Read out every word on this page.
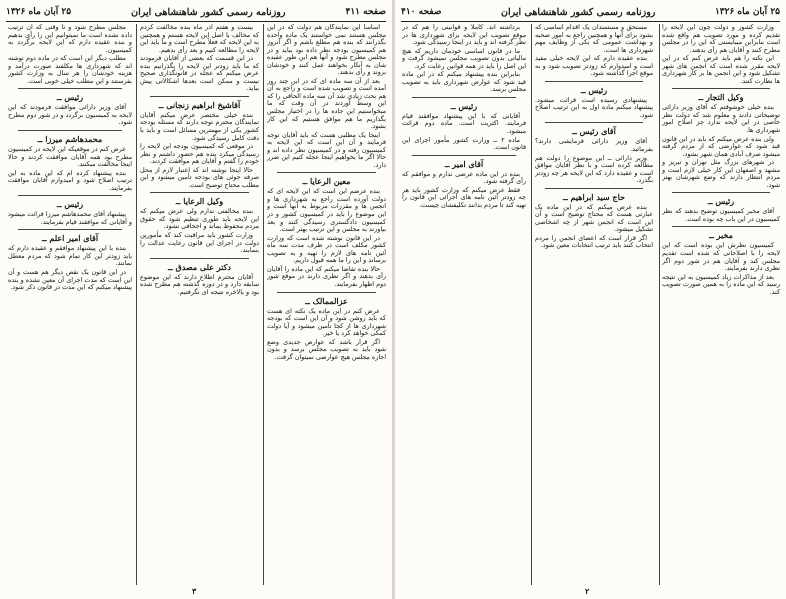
صفحه ۴۱۱
روزنامه رسمی کشور شاهنشاهی ایران
۲۵ آبان ماه ۱۳۲۶

اساساً این نمایندگان هم دولت که در این مجلس هستند نمی خواستند یک ماده واحده بگذرانند که بنده هم مطلع باشم و اگر آنروز هم کمیسیون بودجه نظر داده بود بیاید و در مجلس مطرح شود و آنها هم این طور عقیده شان به آنکار بخواهند عمل کنند و خودشان بروند و رأی بدهند.

بعد از آن سه ماده ای که در این چند روز آمده است و تصویب شده است و راجع به آن هم بحث زیادی شد آن سه ماده الحاقی را که این وسط آوردند در آن وقت که ما میخواستیم این جاده ها را در اختیار مجلس بگذاریم ما هم موافق هستیم که این کار بشود.

اینجا یک مطلبی هست که باید آقایان توجه فرمایند و آن این است که این لایحه به کمیسیون رفته و در کمیسیون نظر داده اند و حالا اگر ما بخواهیم اینجا عجله کنیم این ضرر دارد.

معین الرعایا ــ

بنده عرضم این است که این لایحه ای که دولت آورده است راجع به شهرداری ها و انجمن ها و مقررات مربوط به آنها است و این موضوع را باید در کمیسیون کشور و در کمیسیون دادگستری رسیدگی کنند و بعد بیاورند به مجلس و این ترتیب بهتر است.

در این قانون نوشته شده است که وزارت کشور مکلف است در ظرف مدت سه ماه آئین نامه های لازم را تهیه و به تصویب برساند و این را ما همه قبول داریم.

حالا بنده تقاضا میکنم که این ماده را آقایان رأی بدهند و اگر نظری دارند در موقع شور دوم اظهار بفرمایند.

عزالممالک ــ

عرض کنم در این ماده یک نکته ای هست که باید روشن شود و آن این است که بودجه شهرداری ها از کجا تأمین میشود و آیا دولت کمکی خواهد کرد یا خیر.

اگر قرار باشد که عوارض جدیدی وضع شود باید به تصویب مجلس برسد و بدون اجازه مجلس هیچ عوارضی نمیتوان گرفت.

بیست و هفتم آذر ماه بنده مخالفت کردم که مخالف با اصل این لایحه هستم و همچنین به این لایحه که فعلاً مطرح است و ما باید این لایحه را مطالعه کنیم و بعد رأی بدهیم.

در این قسمت که بعضی از آقایان فرمودند که ما باید زودتر این لایحه را بگذرانیم بنده عرض میکنم که عجله در قانونگذاری صحیح نیست و ممکن است بعدها اشکالاتی پیش بیاید.

آقاشیخ ابراهیم زنجانی ــ

بنده خیلی مختصر عرض میکنم آقایان نمایندگان محترم توجه دارند که مسئله بودجه کشور یکی از مهمترین مسائل است و باید با دقت کامل رسیدگی شود.

در موقعی که کمیسیون بودجه این لایحه را رسیدگی میکرد بنده هم حضور داشتم و نظر خودم را گفتم و آقایان هم موافقت کردند.

حالا اینجا نوشته اند که اعتبار لازم از محل صرفه جوئی های بودجه تأمین میشود و این مطلب محتاج توضیح است.

وکیل الرعایا ــ

بنده مخالفتی ندارم ولی عرض میکنم که این لایحه باید طوری تنظیم شود که حقوق مردم محفوظ بماند و اجحافی نشود.

وزارت کشور باید مراقبت کند که مأمورین دولت در اجرای این قانون رعایت عدالت را بنمایند.

دکتر علی مصدق ــ

آقایان محترم اطلاع دارند که این موضوع سابقه دارد و در دوره گذشته هم مطرح شده بود و بالاخره نتیجه ای نگرفتیم.

مجلس مطرح شود و تا وقتی که آن ترتیب داده نشده است ما نمیتوانیم این را رأی بدهیم و بنده عقیده دارم که این لایحه برگردد به کمیسیون.

مطلب دیگر این است که در ماده دوم نوشته اند که شهرداری ها مکلفند صورت درآمد و هزینه خودشان را هر سال به وزارت کشور بفرستند و این مطلب خیلی خوبی است.

رئیس ــ

آقای وزیر دارائی موافقت فرمودند که این لایحه به کمیسیون برگردد و در شور دوم مطرح شود.

محمدهاشم میرزا ــ

عرض کنم در موقعیکه این لایحه در کمیسیون مطرح بود همه آقایان موافقت کردند و حالا اینجا مخالفت میکنند.

بنده پیشنهاد کرده ام که این ماده به این ترتیب اصلاح شود و امیدوارم آقایان موافقت بفرمایند.

رئیس ــ

پیشنهاد آقای محمدهاشم میرزا قرائت میشود و آقایانی که موافقند قیام بفرمایند.

آقای امیر اعلم ــ

بنده با این پیشنهاد موافقم و عقیده دارم که باید زودتر این کار تمام شود که مردم معطل نمانند.

در این قانون یک نقص دیگر هم هست و آن این است که مدت اجرای آن معین نشده و بنده پیشنهاد میکنم که این مدت در قانون ذکر شود.

۳
۲۵ آبان ماه ۱۳۲۶
روزنامه رسمی کشور شاهنشاهی ایران
صفحه ۴۱۰

وزارت کشور و دولت چون این لایحه را تقدیم کرده و مورد تصویب هم واقع شده است بنابراین میبایستی که این را در مجلس مطرح کنند و آقایان هم رأی بدهند.

این نکته را هم باید عرض کنم که در این لایحه مقرر شده است که انجمن های شهر تشکیل شود و این انجمن ها بر کار شهرداری ها نظارت کنند.

وکیل التجار ــ

بنده خیلی خوشوقتم که آقای وزیر دارائی توضیحاتی دادند و معلوم شد که دولت نظر خاصی در این لایحه ندارد جز اصلاح امور شهرداری ها.

ولی بنده عرض میکنم که باید در این قانون قید شود که عوارضی که از مردم گرفته میشود صرف آبادی همان شهر بشود.

در شهرهای بزرگ مثل تهران و تبریز و مشهد و اصفهان این کار خیلی لازم است و مردم انتظار دارند که وضع شهرشان بهتر شود.

رئیس ــ

آقای مخبر کمیسیون توضیح بدهند که نظر کمیسیون در این باب چه بوده است.

مخبر ــ

کمیسیون نظرش این بوده است که این لایحه را با اصلاحاتی که شده است تقدیم مجلس کند و آقایان هم در شور دوم اگر نظری دارند بفرمایند.

بعد از مذاکرات زیاد کمیسیون به این نتیجه رسید که این ماده را به همین صورت تصویب کند.

مستحق و مستمندان یک اقدام اساسی که بشود برای آنها و همچنین راجع به امور صحیه و بهداشت عمومی که یکی از وظایف مهم شهرداری ها است.

بنده عقیده دارم که این لایحه خیلی مفید است و امیدوارم که زودتر تصویب شود و به موقع اجرا گذاشته شود.

رئیس ــ

پیشنهادی رسیده است قرائت میشود. پیشنهاد میکنم ماده اول به این ترتیب اصلاح شود.

آقای رئیس ــ

آقای وزیر دارائی فرمایشی دارند؟ بفرمائید.

وزیر دارائی ــ این موضوع را دولت هم مطالعه کرده است و با نظر آقایان موافق است و عقیده دارد که این لایحه هر چه زودتر بگذرد.

حاج سید ابراهیم ــ

بنده عرض میکنم که در این ماده یک عبارتی هست که محتاج توضیح است و آن این است که انجمن شهر از چه اشخاصی تشکیل میشود.

اگر قرار است که اعضای انجمن را مردم انتخاب کنند باید ترتیب انتخابات معین شود.

برداشته اند. کاملاً و قوانینی را هم که در موقع تصویب این لایحه برای شهرداری ها در نظر گرفته اند و باید در اینجا رسیدگی شود.

ما در قانون اساسی خودمان داریم که هیچ مالیاتی بدون تصویب مجلس نمیشود گرفت و این اصل را باید در همه قوانین رعایت کرد.

بنابراین بنده پیشنهاد میکنم که در این ماده قید شود که عوارض شهرداری باید به تصویب مجلس برسد.

رئیس ــ

آقایانی که با این پیشنهاد موافقند قیام فرمایند. اکثریت است. ماده دوم قرائت میشود.

ماده ۲ ــ وزارت کشور مأمور اجرای این قانون است.

آقای امیر ــ

بنده در این ماده عرضی ندارم و موافقم که رأی گرفته شود.

فقط عرض میکنم که وزارت کشور باید هر چه زودتر آئین نامه های اجرائی این قانون را تهیه کند تا مردم بدانند تکلیفشان چیست.

۲
